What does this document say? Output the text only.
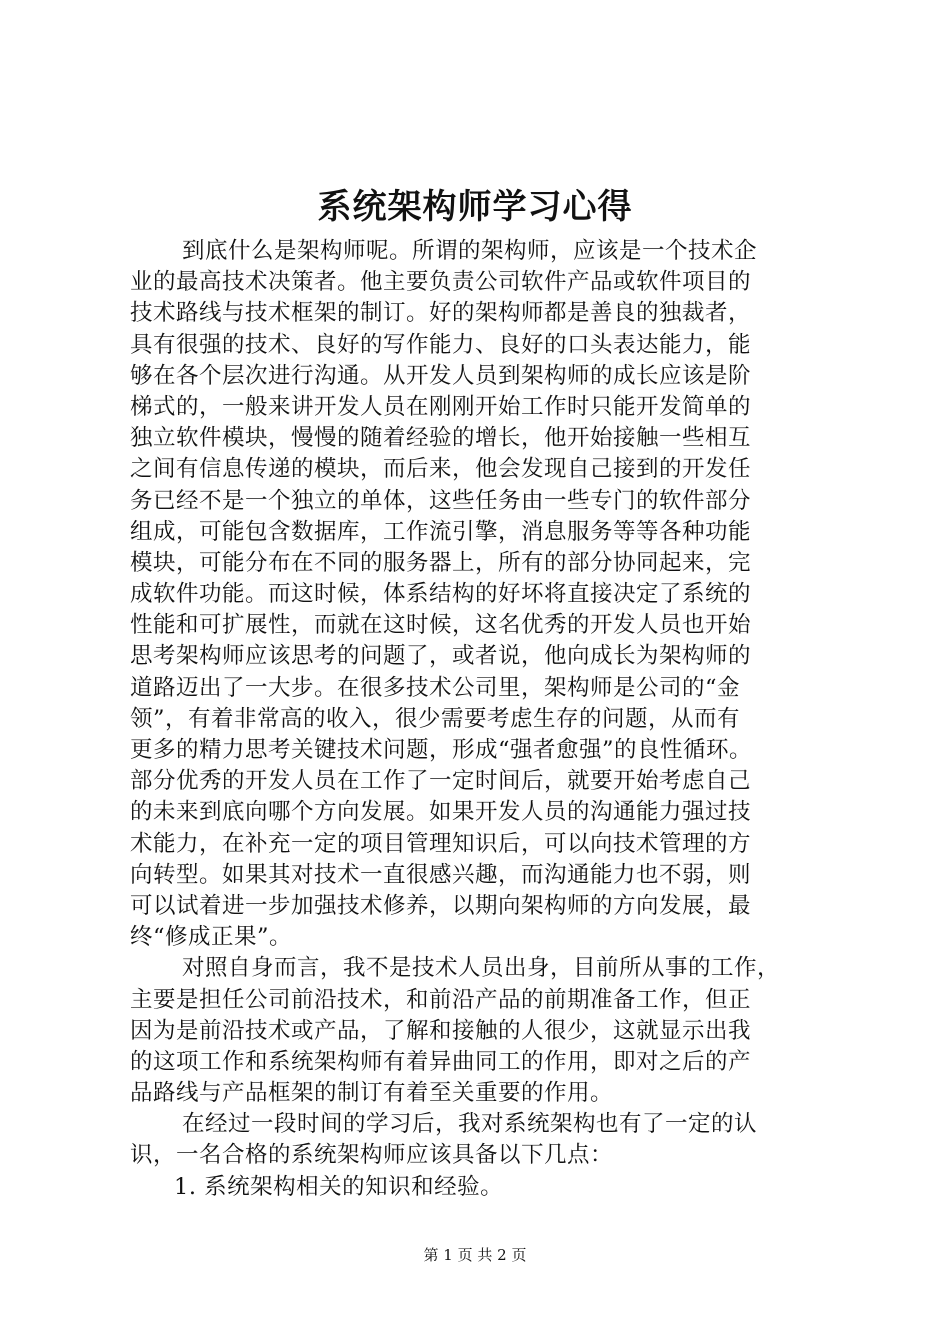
系统架构师学习心得
到底什么是架构师呢。所谓的架构师，应该是一个技术企
业的最高技术决策者。他主要负责公司软件产品或软件项目的
技术路线与技术框架的制订。好的架构师都是善良的独裁者，
具有很强的技术、良好的写作能力、良好的口头表达能力，能
够在各个层次进行沟通。从开发人员到架构师的成长应该是阶
梯式的，一般来讲开发人员在刚刚开始工作时只能开发简单的
独立软件模块，慢慢的随着经验的增长，他开始接触一些相互
之间有信息传递的模块，而后来，他会发现自己接到的开发任
务已经不是一个独立的单体，这些任务由一些专门的软件部分
组成，可能包含数据库，工作流引擎，消息服务等等各种功能
模块，可能分布在不同的服务器上，所有的部分协同起来，完
成软件功能。而这时候，体系结构的好坏将直接决定了系统的
性能和可扩展性，而就在这时候，这名优秀的开发人员也开始
思考架构师应该思考的问题了，或者说，他向成长为架构师的
道路迈出了一大步。在很多技术公司里，架构师是公司的“金
领”，有着非常高的收入，很少需要考虑生存的问题，从而有
更多的精力思考关键技术问题，形成“强者愈强”的良性循环。
部分优秀的开发人员在工作了一定时间后，就要开始考虑自己
的未来到底向哪个方向发展。如果开发人员的沟通能力强过技
术能力，在补充一定的项目管理知识后，可以向技术管理的方
向转型。如果其对技术一直很感兴趣，而沟通能力也不弱，则
可以试着进一步加强技术修养，以期向架构师的方向发展，最
终“修成正果”。
对照自身而言，我不是技术人员出身，目前所从事的工作，
主要是担任公司前沿技术，和前沿产品的前期准备工作，但正
因为是前沿技术或产品，了解和接触的人很少，这就显示出我
的这项工作和系统架构师有着异曲同工的作用，即对之后的产
品路线与产品框架的制订有着至关重要的作用。
在经过一段时间的学习后，我对系统架构也有了一定的认
识，一名合格的系统架构师应该具备以下几点：
1. 系统架构相关的知识和经验。
第 1 页 共 2 页
